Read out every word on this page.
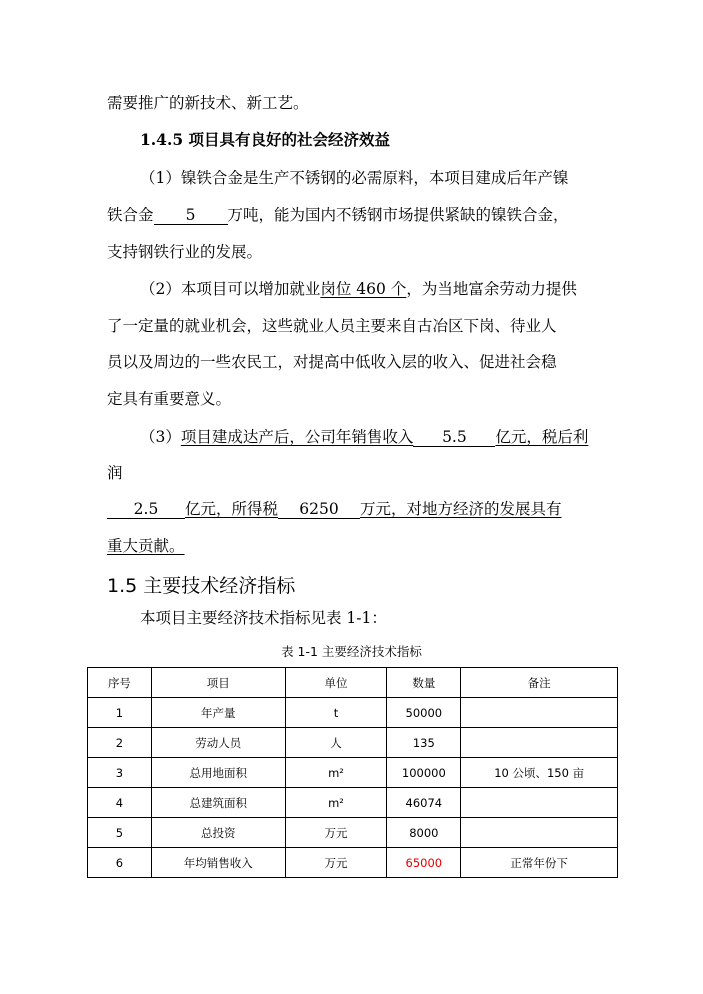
需要推广的新技术、新工艺。
1.4.5 项目具有良好的社会经济效益
（1）镍铁合金是生产不锈钢的必需原料，本项目建成后年产镍
铁合金 5 万吨，能为国内不锈钢市场提供紧缺的镍铁合金，
支持钢铁行业的发展。
（2）本项目可以增加就业岗位 460 个，为当地富余劳动力提供
了一定量的就业机会，这些就业人员主要来自古冶区下岗、待业人
员以及周边的一些农民工，对提高中低收入层的收入、促进社会稳
定具有重要意义。
（3）项目建成达产后，公司年销售收入 5.5 亿元，税后利
润
2.5 亿元，所得税 6250 万元，对地方经济的发展具有
重大贡献。
1.5 主要技术经济指标
本项目主要经济技术指标见表 1-1：
表 1-1 主要经济技术指标
序号	项目	单位	数量	备注
1	年产量	t	50000	
2	劳动人员	人	135	
3	总用地面积	m²	100000	10 公顷、150 亩
4	总建筑面积	m²	46074	
5	总投资	万元	8000	
6	年均销售收入	万元	65000	正常年份下
